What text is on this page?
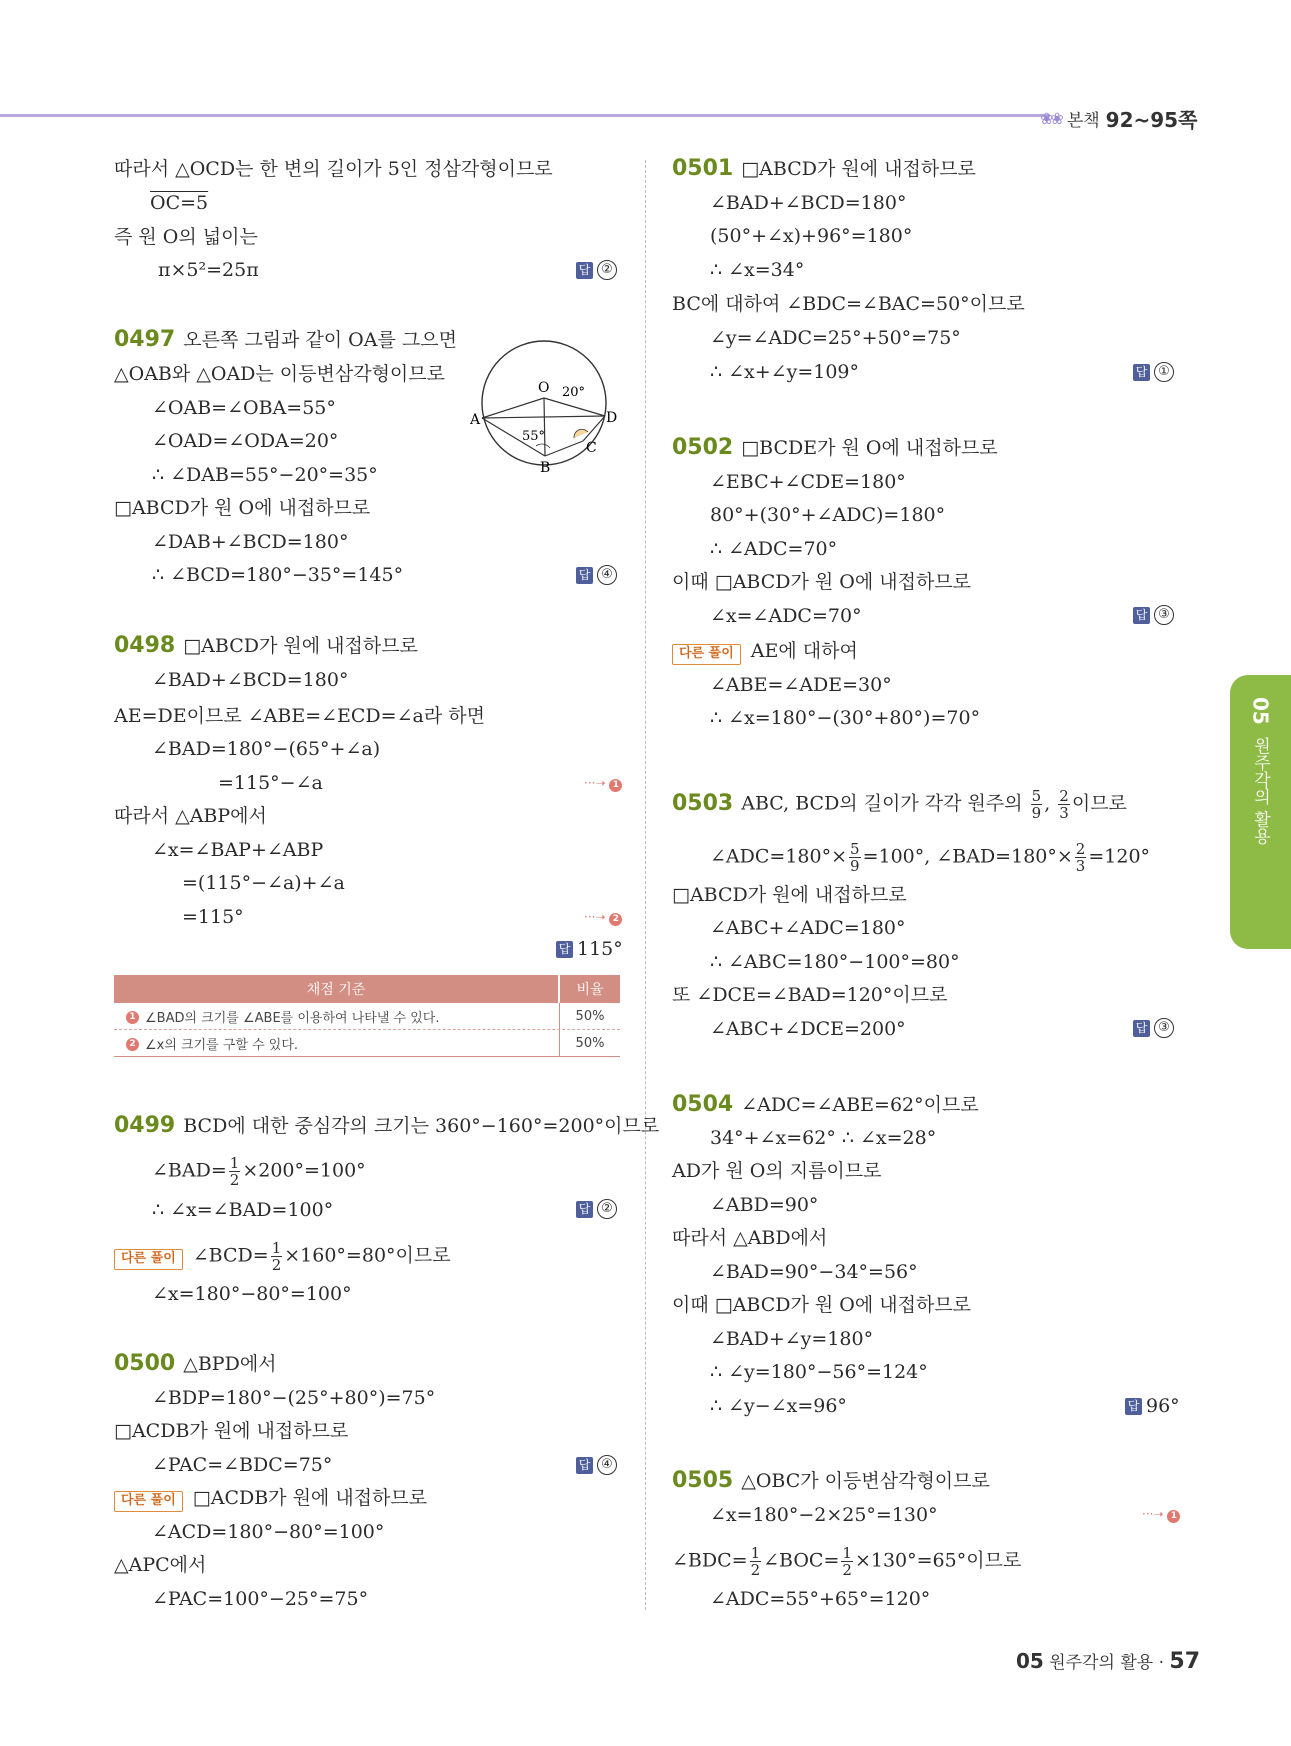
❀❀ 본책 92~95쪽
따라서 △OCD는 한 변의 길이가 5인 정삼각형이므로
OC=5
즉 원 O의 넓이는
π×5²=25π	답 ②
0497 오른쪽 그림과 같이 OA를 그으면
△OAB와 △OAD는 이등변삼각형이므로
∠OAB=∠OBA=55°
∠OAD=∠ODA=20°
∴ ∠DAB=55°−20°=35°
□ABCD가 원 O에 내접하므로
∠DAB+∠BCD=180°
∴ ∠BCD=180°−35°=145°	답 ④
O
A
B
C
D
20°
55°
0498 □ABCD가 원에 내접하므로
∠BAD+∠BCD=180°
AE=DE이므로 ∠ABE=∠ECD=∠a라 하면
∠BAD=180°−(65°+∠a)
=115°−∠a	···➝ 1
따라서 △ABP에서
∠x=∠BAP+∠ABP
=(115°−∠a)+∠a
=115°	···➝ 2
답 115°
채점 기준	비율
1 ∠BAD의 크기를 ∠ABE를 이용하여 나타낼 수 있다.	50%
2 ∠x의 크기를 구할 수 있다.	50%
0499 BCD에 대한 중심각의 크기는 360°−160°=200°이므로
∠BAD= $\frac{1}{2} \times 200^\circ=100^\circ$
∴ ∠x=∠BAD=100°	답 ②
다른 풀이 ∠BCD= $\frac{1}{2} \times 160^\circ=80^\circ$이므로
∠x=180°−80°=100°
0500 △BPD에서
∠BDP=180°−(25°+80°)=75°
□ACDB가 원에 내접하므로
∠PAC=∠BDC=75°	답 ④
다른 풀이 □ACDB가 원에 내접하므로
∠ACD=180°−80°=100°
△APC에서
∠PAC=100°−25°=75°
0501 □ABCD가 원에 내접하므로
∠BAD+∠BCD=180°
(50°+∠x)+96°=180°
∴ ∠x=34°
BC에 대하여 ∠BDC=∠BAC=50°이므로
∠y=∠ADC=25°+50°=75°
∴ ∠x+∠y=109°	답 ①
0502 □BCDE가 원 O에 내접하므로
∠EBC+∠CDE=180°
80°+(30°+∠ADC)=180°
∴ ∠ADC=70°
이때 □ABCD가 원 O에 내접하므로
∠x=∠ADC=70°	답 ③
다른 풀이 AE에 대하여
∠ABE=∠ADE=30°
∴ ∠x=180°−(30°+80°)=70°
0503 ABC, BCD의 길이가 각각 원주의 $\frac{5}{9}$ , $\frac{2}{3}$ 이므로
∠ADC=180°× $\frac{5}{9} =100^\circ$, ∠BAD=180°× $\frac{2}{3} =120^\circ$
□ABCD가 원에 내접하므로
∠ABC+∠ADC=180°
∴ ∠ABC=180°−100°=80°
또 ∠DCE=∠BAD=120°이므로
∠ABC+∠DCE=200°	답 ③
0504 ∠ADC=∠ABE=62°이므로
34°+∠x=62° ∴ ∠x=28°
AD가 원 O의 지름이므로
∠ABD=90°
따라서 △ABD에서
∠BAD=90°−34°=56°
이때 □ABCD가 원 O에 내접하므로
∠BAD+∠y=180°
∴ ∠y=180°−56°=124°
∴ ∠y−∠x=96°	답 96°
0505 △OBC가 이등변삼각형이므로
∠x=180°−2×25°=130°	···➝ 1
∠BDC= $\frac{1}{2}$ ∠BOC= $\frac{1}{2} \times 130^\circ=65^\circ$이므로
∠ADC=55°+65°=120°
05
원주각의 활용
05 원주각의 활용 · 57
